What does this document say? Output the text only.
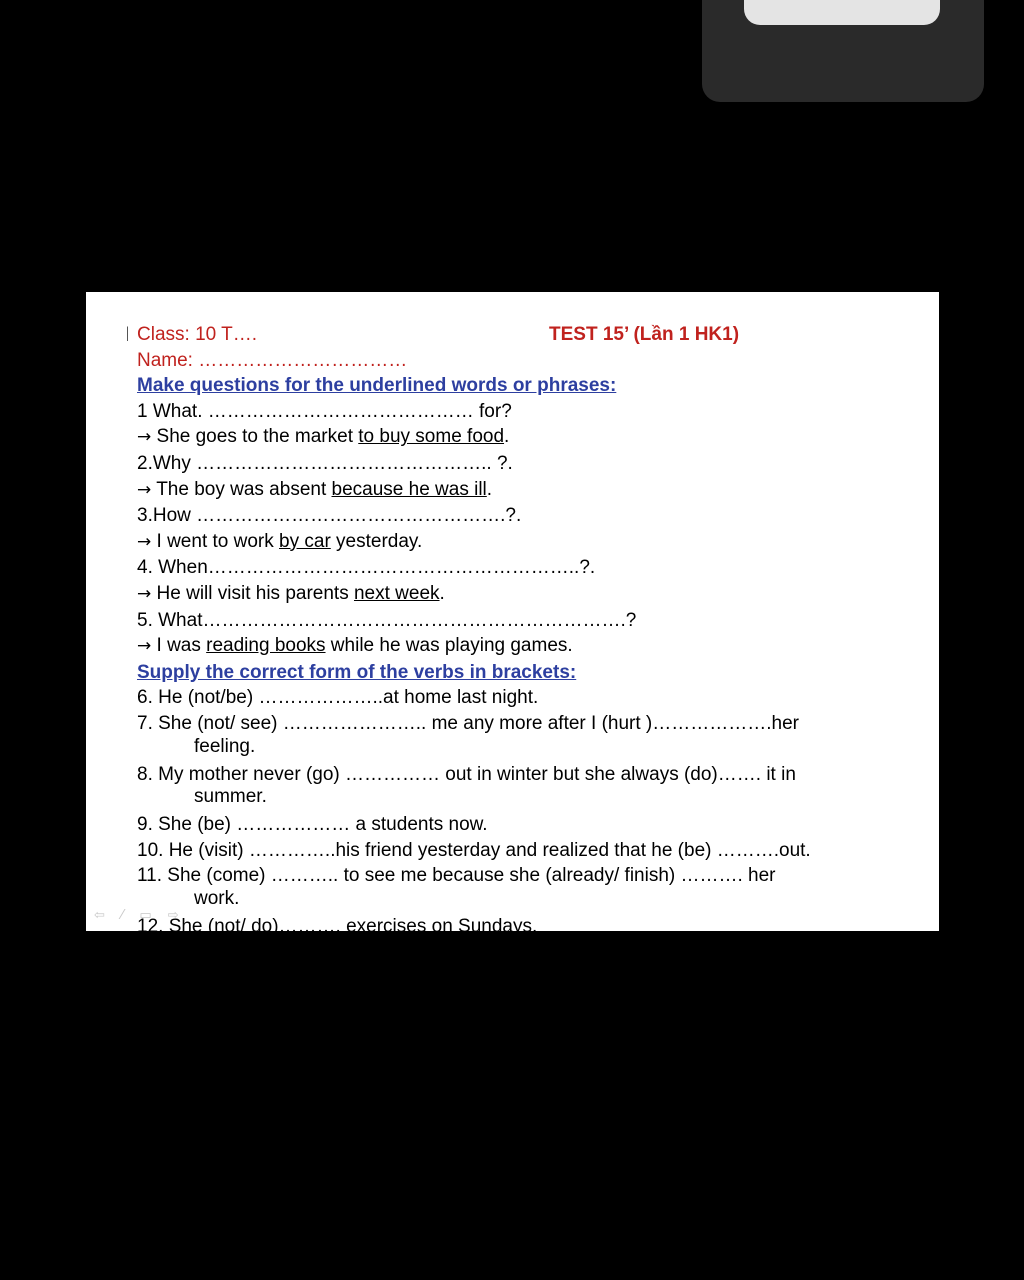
⇦ ⁄ ▭ ⇨
Class: 10 T….	TEST 15’ (Lần 1 HK1)
Name: ……………………………
Make questions for the underlined words or phrases:
1 What. …………………………………… for?
→ She goes to the market to buy some food.
2.Why ……………………………………….. ?.
→ The boy was absent because he was ill.
3.How ………………………………………….?.
→ I went to work by car yesterday.
4. When…………………………………………………..?.
→ He will visit his parents next week.
5. What………………………………………………………….?
→ I was reading books while he was playing games.
Supply the correct form of the verbs in brackets:
6. He (not/be) ………………..at home last night.
7. She (not/ see) ………………….. me any more after I (hurt )……………….her
feeling.
8. My mother never (go) …………… out in winter but she always (do)……. it in
summer.
9. She (be) ……………… a students now.
10. He (visit) …………..his friend yesterday and realized that he (be) ……….out.
11. She (come) ……….. to see me because she (already/ finish) ………. her
work.
12. She (not/ do)………. exercises on Sundays.
